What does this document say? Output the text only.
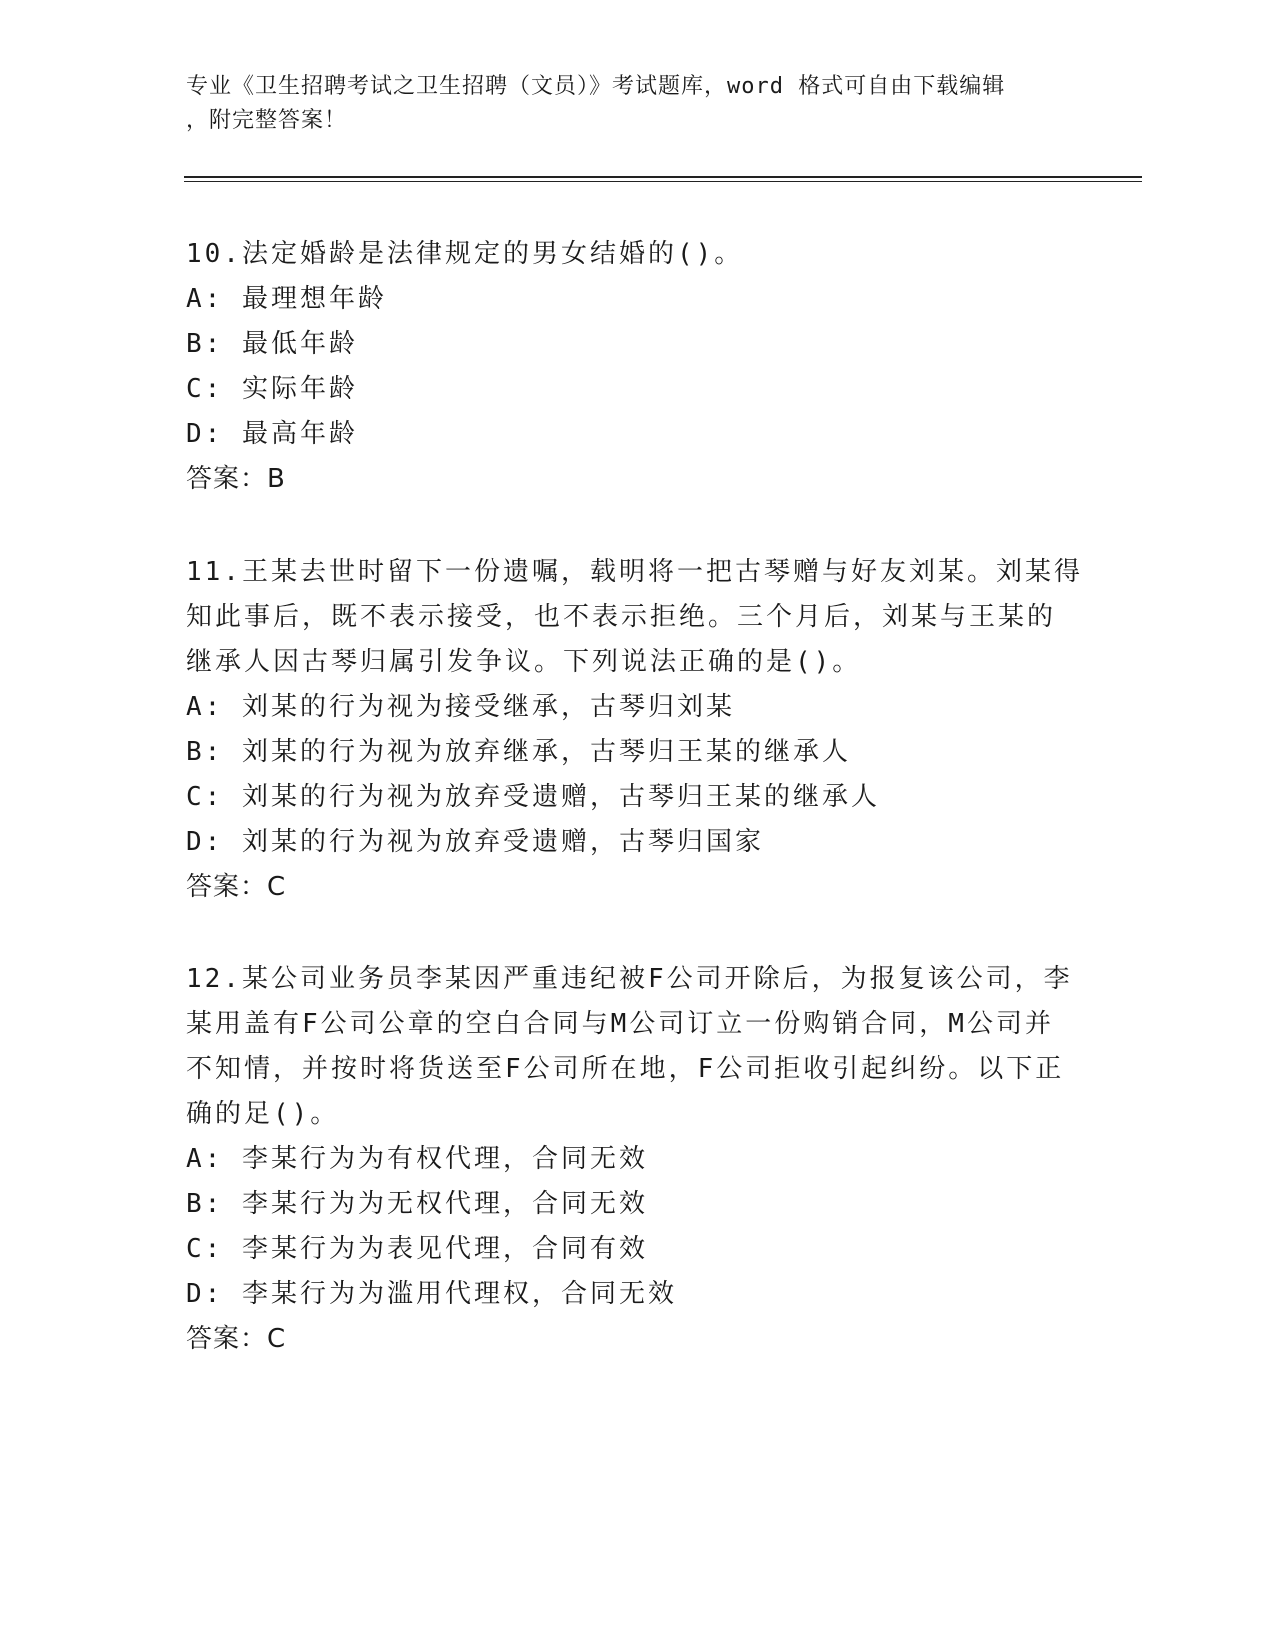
专业《卫生招聘考试之卫生招聘（文员）》考试题库，word 格式可自由下载编辑
，附完整答案！
10.法定婚龄是法律规定的男女结婚的()。
A: 最理想年龄
B: 最低年龄
C: 实际年龄
D: 最高年龄
答案：B
11.王某去世时留下一份遗嘱，载明将一把古琴赠与好友刘某。刘某得
知此事后，既不表示接受，也不表示拒绝。三个月后，刘某与王某的
继承人因古琴归属引发争议。下列说法正确的是()。
A: 刘某的行为视为接受继承，古琴归刘某
B: 刘某的行为视为放弃继承，古琴归王某的继承人
C: 刘某的行为视为放弃受遗赠，古琴归王某的继承人
D: 刘某的行为视为放弃受遗赠，古琴归国家
答案：C
12.某公司业务员李某因严重违纪被F公司开除后，为报复该公司，李
某用盖有F公司公章的空白合同与M公司订立一份购销合同，M公司并
不知情，并按时将货送至F公司所在地，F公司拒收引起纠纷。以下正
确的足()。
A: 李某行为为有权代理，合同无效
B: 李某行为为无权代理，合同无效
C: 李某行为为表见代理，合同有效
D: 李某行为为滥用代理权，合同无效
答案：C
